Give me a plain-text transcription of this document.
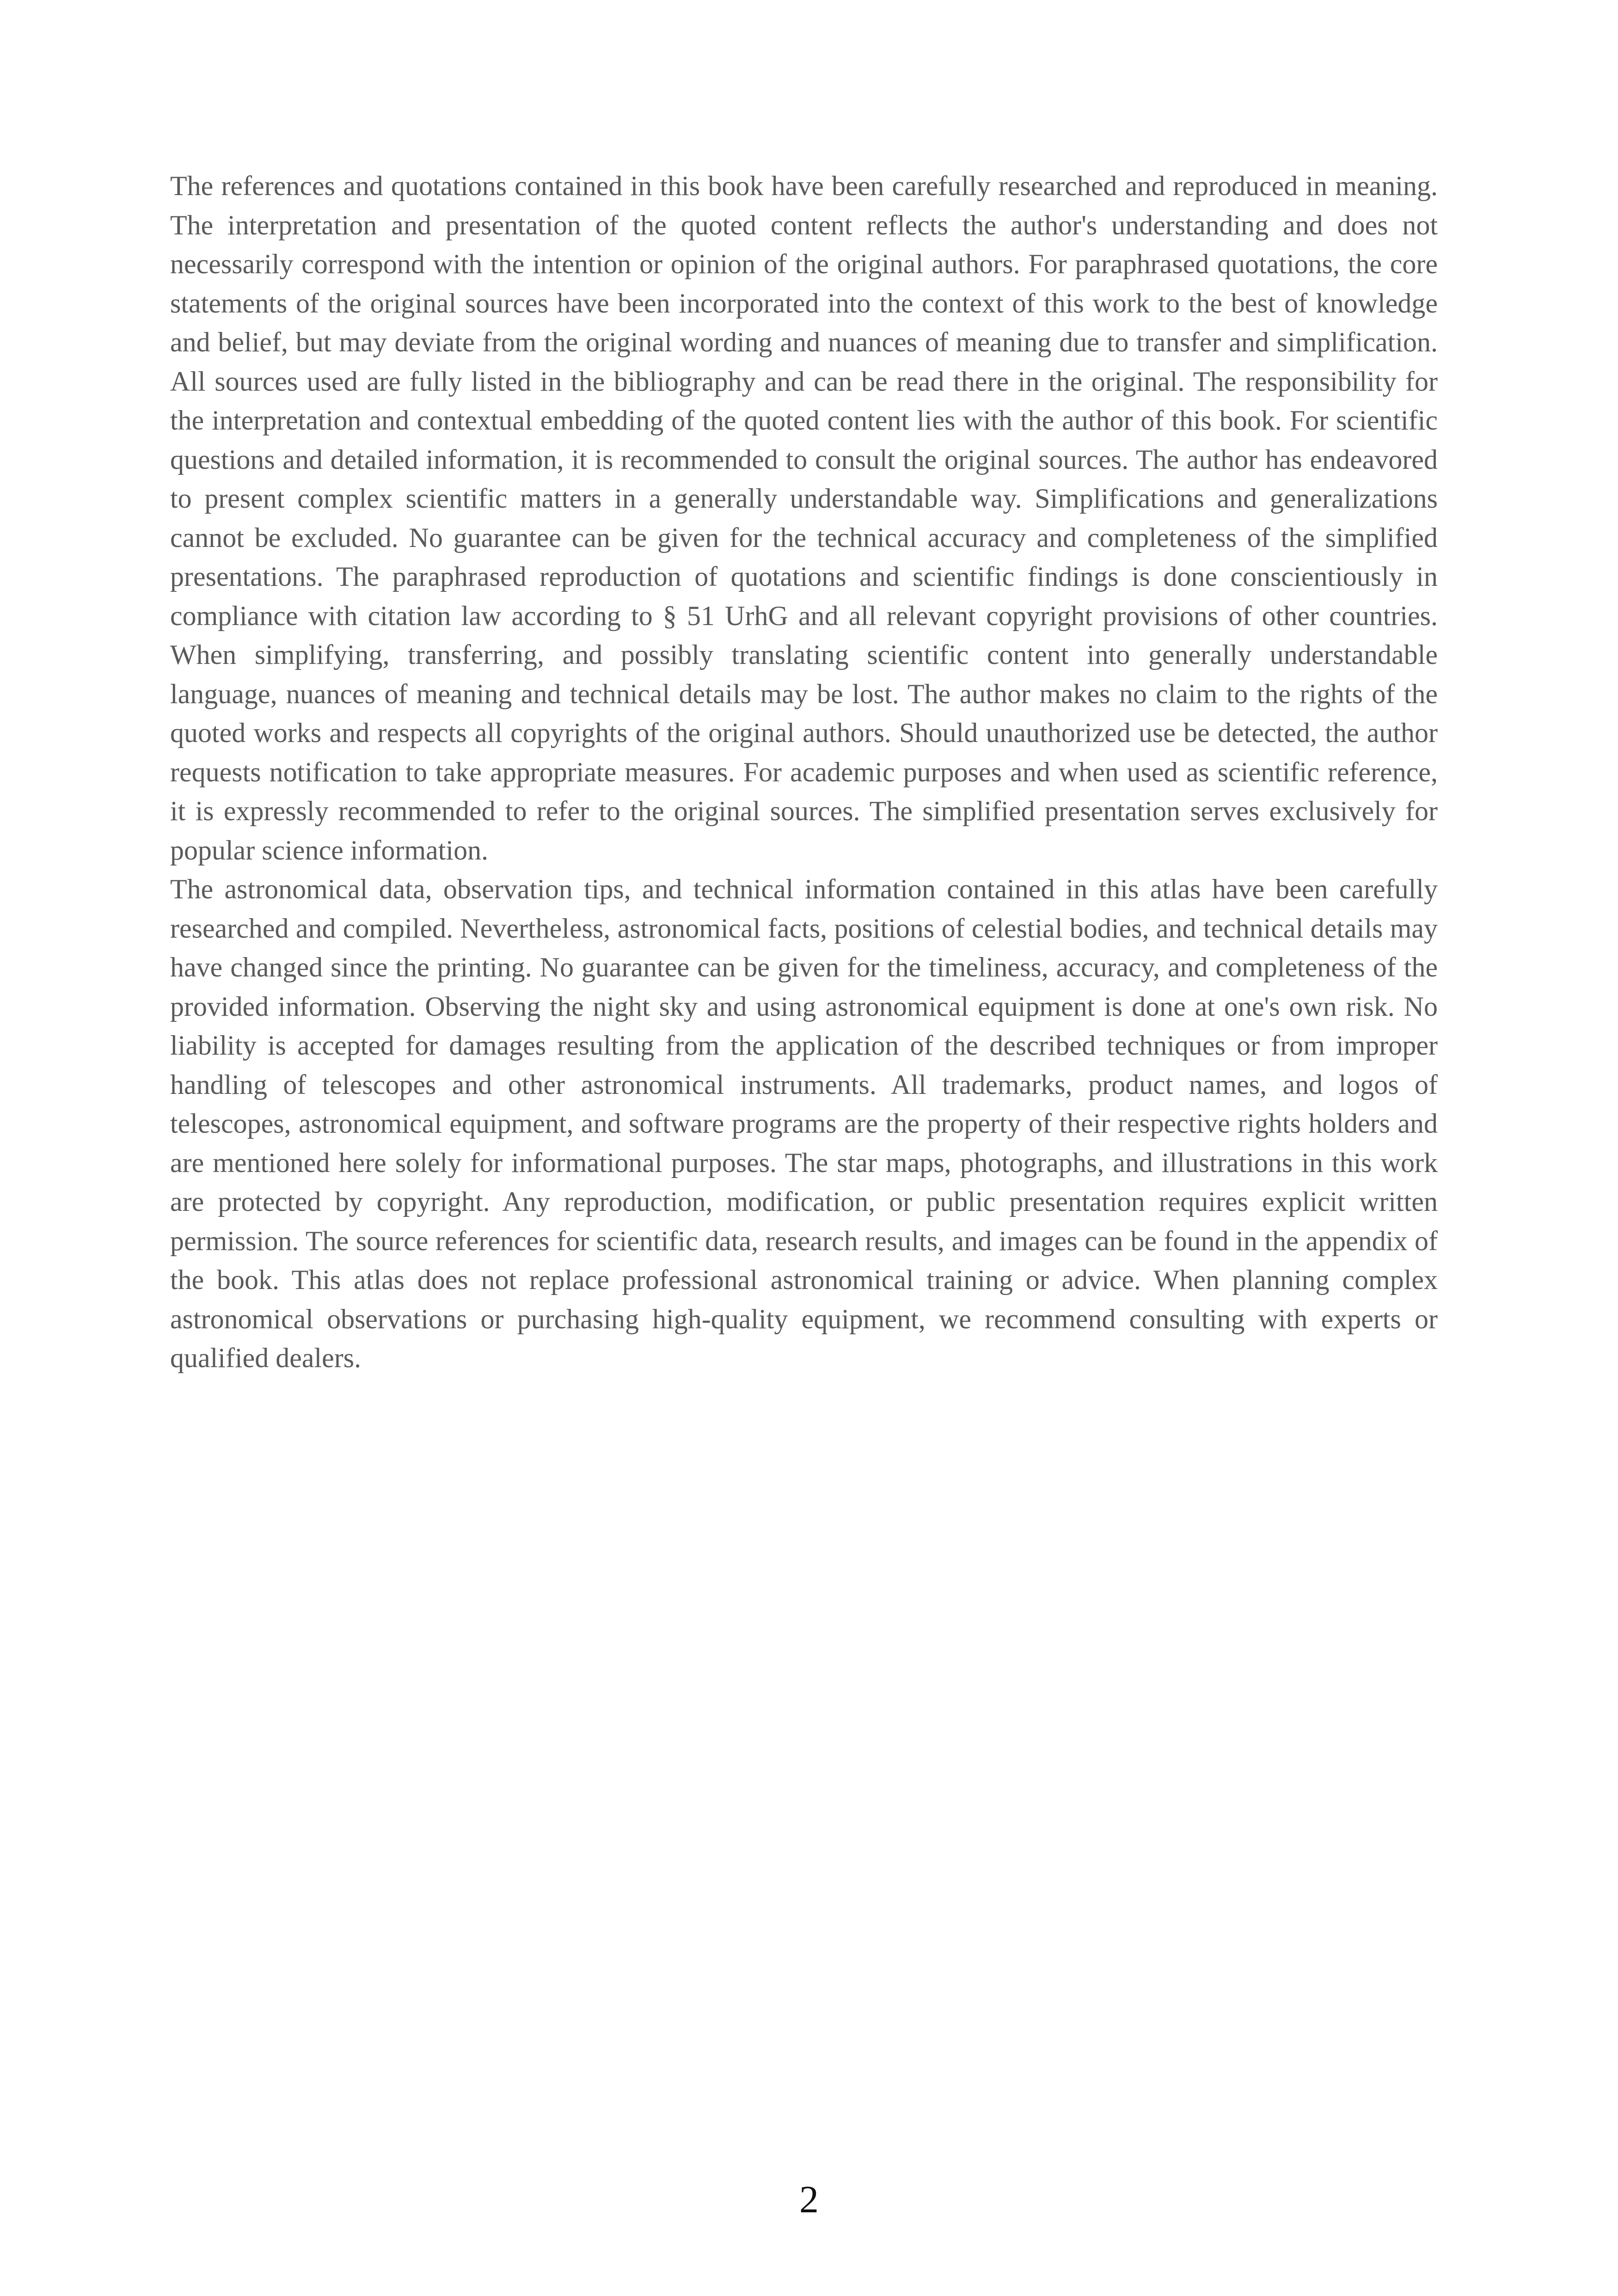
The references and quotations contained in this book have been carefully researched and reproduced in meaning. The interpretation and presentation of the quoted content reflects the author's understanding and does not necessarily correspond with the intention or opinion of the original authors. For paraphrased quotations, the core statements of the original sources have been incorporated into the context of this work to the best of knowledge and belief, but may deviate from the original wording and nuances of meaning due to transfer and simplification. All sources used are fully listed in the bibliography and can be read there in the original. The responsibility for the interpretation and contextual embedding of the quoted content lies with the author of this book. For scientific questions and detailed information, it is recommended to consult the original sources. The author has endeavored to present complex scientific matters in a generally understandable way. Simplifications and generalizations cannot be excluded. No guarantee can be given for the technical accuracy and completeness of the simplified presentations. The paraphrased reproduction of quotations and scientific findings is done conscientiously in compliance with citation law according to § 51 UrhG and all relevant copyright provisions of other countries. When simplifying, transferring, and possibly translating scientific content into generally understandable language, nuances of meaning and technical details may be lost. The author makes no claim to the rights of the quoted works and respects all copyrights of the original authors. Should unauthorized use be detected, the author requests notification to take appropriate measures. For academic purposes and when used as scientific reference, it is expressly recommended to refer to the original sources. The simplified presentation serves exclusively for popular science information.

The astronomical data, observation tips, and technical information contained in this atlas have been carefully researched and compiled. Nevertheless, astronomical facts, positions of celestial bodies, and technical details may have changed since the printing. No guarantee can be given for the timeliness, accuracy, and completeness of the provided information. Observing the night sky and using astronomical equipment is done at one's own risk. No liability is accepted for damages resulting from the application of the described techniques or from improper handling of telescopes and other astronomical instruments. All trademarks, product names, and logos of telescopes, astronomical equipment, and software programs are the property of their respective rights holders and are mentioned here solely for informational purposes. The star maps, photographs, and illustrations in this work are protected by copyright. Any reproduction, modification, or public presentation requires explicit written permission. The source references for scientific data, research results, and images can be found in the appendix of the book. This atlas does not replace professional astronomical training or advice. When planning complex astronomical observations or purchasing high-quality equipment, we recommend consulting with experts or qualified dealers.

2
